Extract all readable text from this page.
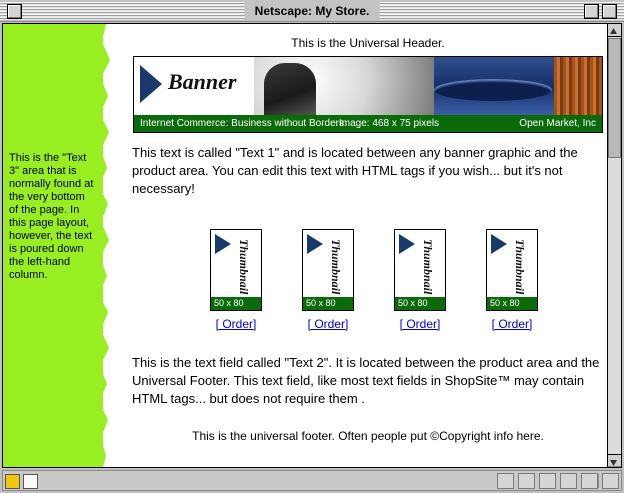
Netscape: My Store.
This is the "Text 3" area that is normally found at the very bottom of the page. In this page layout, however, the text is poured down the left-hand column.
This is the Universal Header.
Banner
Internet Commerce: Business without Borders.
Image: 468 x 75 pixels	Open Market, Inc
This text is called "Text 1" and is located between any banner graphic and the product area. You can edit this text with HTML tags if you wish... but it's not necessary!
Thumbnail
50 x 80
[ Order]
Thumbnail
50 x 80
[ Order]
Thumbnail
50 x 80
[ Order]
Thumbnail
50 x 80
[ Order]
This is the text field called "Text 2". It is located between the product area and the Universal Footer. This text field, like most text fields in ShopSite™ may contain HTML tags... but does not require them .
This is the universal footer. Often people put ©Copyright info here.
